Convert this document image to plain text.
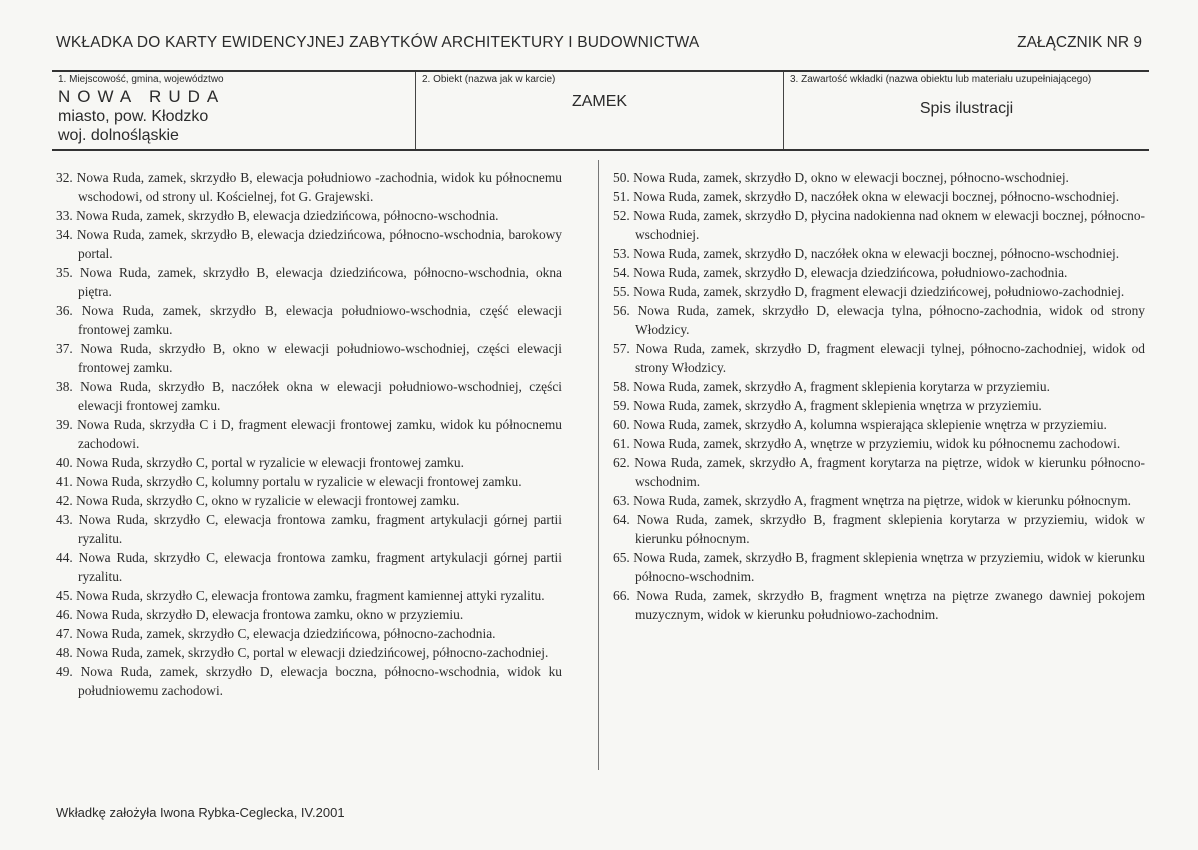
WKŁADKA DO KARTY EWIDENCYJNEJ ZABYTKÓW ARCHITEKTURY I BUDOWNICTWA	ZAŁĄCZNIK NR 9
1. Miejscowość, gmina, województwo
NOWA RUDA
miasto, pow. Kłodzko
woj. dolnośląskie
2. Obiekt (nazwa jak w karcie)
ZAMEK
3. Zawartość wkładki (nazwa obiektu lub materiału uzupełniającego)
Spis ilustracji

32. Nowa Ruda, zamek, skrzydło B, elewacja południowo -zachodnia, widok ku północnemu wschodowi, od strony ul. Kościelnej, fot G. Grajewski.

33. Nowa Ruda, zamek, skrzydło B, elewacja dziedzińcowa, północno-wschodnia.

34. Nowa Ruda, zamek, skrzydło B, elewacja dziedzińcowa, północno-wschodnia, barokowy portal.

35. Nowa Ruda, zamek, skrzydło B, elewacja dziedzińcowa, północno-wschodnia, okna piętra.

36. Nowa Ruda, zamek, skrzydło B, elewacja południowo-wschodnia, część elewacji frontowej zamku.

37. Nowa Ruda, skrzydło B, okno w elewacji południowo-wschodniej, części elewacji frontowej zamku.

38. Nowa Ruda, skrzydło B, naczółek okna w elewacji południowo-wschodniej, części elewacji frontowej zamku.

39. Nowa Ruda, skrzydła C i D, fragment elewacji frontowej zamku, widok ku północnemu zachodowi.

40. Nowa Ruda, skrzydło C, portal w ryzalicie w elewacji frontowej zamku.

41. Nowa Ruda, skrzydło C, kolumny portalu w ryzalicie w elewacji frontowej zamku.

42. Nowa Ruda, skrzydło C, okno w ryzalicie w elewacji frontowej zamku.

43. Nowa Ruda, skrzydło C, elewacja frontowa zamku, fragment artykulacji górnej partii ryzalitu.

44. Nowa Ruda, skrzydło C, elewacja frontowa zamku, fragment artykulacji górnej partii ryzalitu.

45. Nowa Ruda, skrzydło C, elewacja frontowa zamku, fragment kamiennej attyki ryzalitu.

46. Nowa Ruda, skrzydło D, elewacja frontowa zamku, okno w przyziemiu.

47. Nowa Ruda, zamek, skrzydło C, elewacja dziedzińcowa, północno-zachodnia.

48. Nowa Ruda, zamek, skrzydło C, portal w elewacji dziedzińcowej, północno-zachodniej.

49. Nowa Ruda, zamek, skrzydło D, elewacja boczna, północno-wschodnia, widok ku południowemu zachodowi.

50. Nowa Ruda, zamek, skrzydło D, okno w elewacji bocznej, północno-wschodniej.

51. Nowa Ruda, zamek, skrzydło D, naczółek okna w elewacji bocznej, północno-wschodniej.

52. Nowa Ruda, zamek, skrzydło D, płycina nadokienna nad oknem w elewacji bocznej, północno-wschodniej.

53. Nowa Ruda, zamek, skrzydło D, naczółek okna w elewacji bocznej, północno-wschodniej.

54. Nowa Ruda, zamek, skrzydło D, elewacja dziedzińcowa, południowo-zachodnia.

55. Nowa Ruda, zamek, skrzydło D, fragment elewacji dziedzińcowej, południowo-zachodniej.

56. Nowa Ruda, zamek, skrzydło D, elewacja tylna, północno-zachodnia, widok od strony Włodzicy.

57. Nowa Ruda, zamek, skrzydło D, fragment elewacji tylnej, północno-zachodniej, widok od strony Włodzicy.

58. Nowa Ruda, zamek, skrzydło A, fragment sklepienia korytarza w przyziemiu.

59. Nowa Ruda, zamek, skrzydło A, fragment sklepienia wnętrza w przyziemiu.

60. Nowa Ruda, zamek, skrzydło A, kolumna wspierająca sklepienie wnętrza w przyziemiu.

61. Nowa Ruda, zamek, skrzydło A, wnętrze w przyziemiu, widok ku północnemu zachodowi.

62. Nowa Ruda, zamek, skrzydło A, fragment korytarza na piętrze, widok w kierunku północno-wschodnim.

63. Nowa Ruda, zamek, skrzydło A, fragment wnętrza na piętrze, widok w kierunku północnym.

64. Nowa Ruda, zamek, skrzydło B, fragment sklepienia korytarza w przyziemiu, widok w kierunku północnym.

65. Nowa Ruda, zamek, skrzydło B, fragment sklepienia wnętrza w przyziemiu, widok w kierunku północno-wschodnim.

66. Nowa Ruda, zamek, skrzydło B, fragment wnętrza na piętrze zwanego dawniej pokojem muzycznym, widok w kierunku południowo-zachodnim.

Wkładkę założyła Iwona Rybka-Ceglecka, IV.2001
